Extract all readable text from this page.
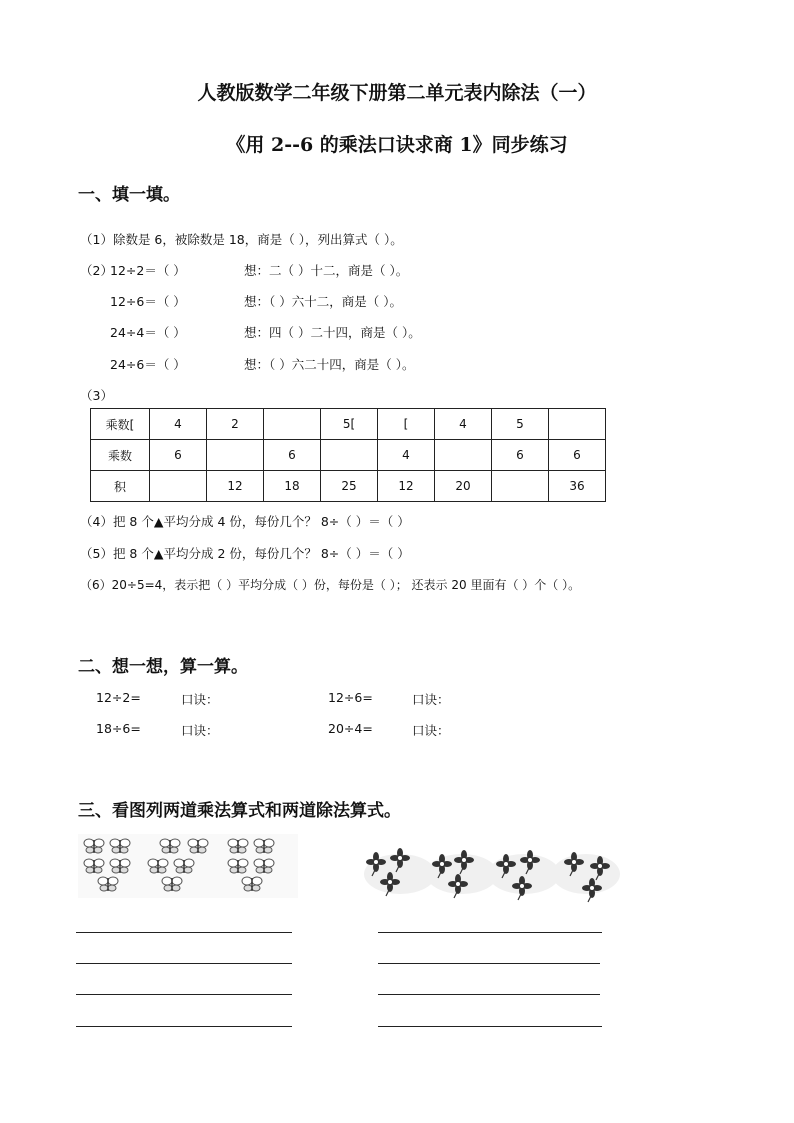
人教版数学二年级下册第二单元表内除法（一）
《用 2--6 的乘法口诀求商 1》同步练习
一、填一填。
（1）除数是 6，被除数是 18，商是（ ），列出算式（ ）。
（2）
12÷2＝（ ）	想：二（ ）十二，商是（ ）。
12÷6＝（ ）	想：（ ）六十二，商是（ ）。
24÷4＝（ ）	想：四（ ）二十四，商是（ ）。
24÷6＝（ ）	想：（ ）六二十四，商是（ ）。
（3）
乘数[	4	2		5[	[	4	5	
乘数	6		6		4		6	6
积		12	18	25	12	20		36
（4）把 8 个▲平均分成 4 份，每份几个？ 8÷（ ）＝（ ）
（5）把 8 个▲平均分成 2 份，每份几个？ 8÷（ ）＝（ ）
（6）20÷5=4，表示把（ ）平均分成（ ）份，每份是（ ）； 还表示 20 里面有（ ）个（ ）。
二、想一想，算一算。
12÷2=	口诀：	12÷6=	口诀：
18÷6=	口诀：	20÷4=	口诀：
三、看图列两道乘法算式和两道除法算式。
